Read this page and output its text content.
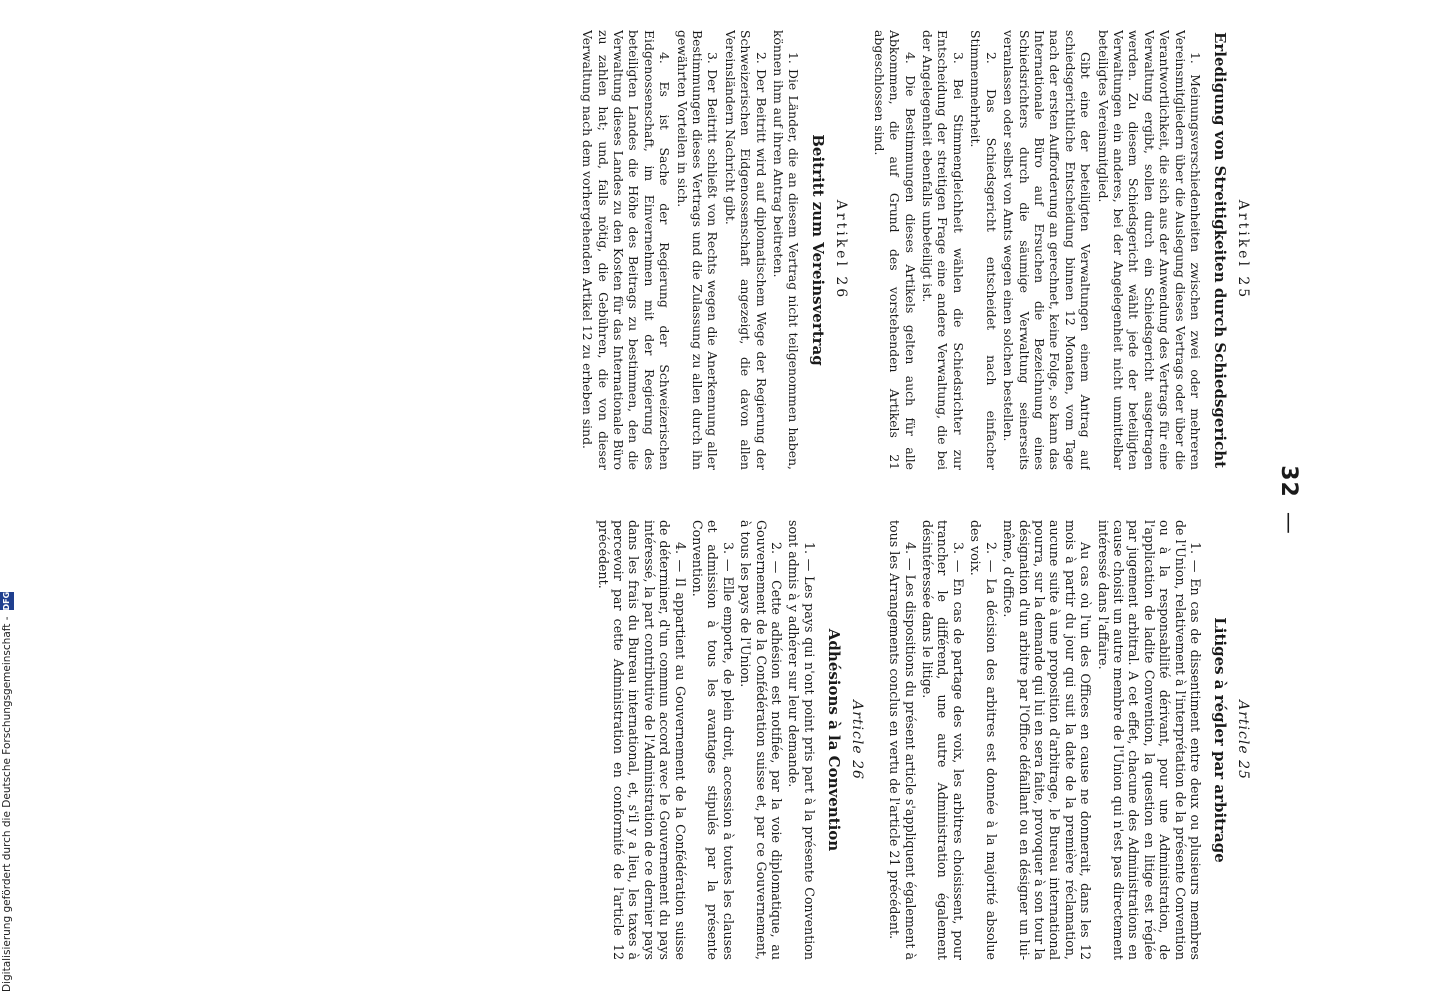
32—
Artikel 25
Erledigung von Streitigkeiten durch Schiedsgericht

1. Meinungsverschiedenheiten zwischen zwei oder mehreren Vereinsmitgliedern über die Auslegung dieses Vertrags oder über die Verantwortlichkeit, die sich aus der Anwendung des Vertrags für eine Verwaltung ergibt, sollen durch ein Schiedsgericht ausgetragen werden. Zu diesem Schiedsgericht wählt jede der beteiligten Verwaltungen ein anderes, bei der Angelegenheit nicht unmittelbar beteiligtes Vereinsmitglied.

Gibt eine der beteiligten Verwaltungen einem Antrag auf schiedsgerichtliche Entscheidung binnen 12 Monaten, vom Tage nach der ersten Aufforderung an gerechnet, keine Folge, so kann das Internationale Büro auf Ersuchen die Bezeichnung eines Schiedsrichters durch die säumige Verwaltung seinerseits veranlassen oder selbst von Amts wegen einen solchen bestellen.

2. Das Schiedsgericht entscheidet nach einfacher Stimmenmehrheit.

3. Bei Stimmengleichheit wählen die Schiedsrichter zur Entscheidung der streitigen Frage eine andere Verwaltung, die bei der Angelegenheit ebenfalls unbeteiligt ist.

4. Die Bestimmungen dieses Artikels gelten auch für alle Abkommen, die auf Grund des vorstehenden Artikels 21 abgeschlossen sind.

Artikel 26
Beitritt zum Vereinsvertrag

1. Die Länder, die an diesem Vertrag nicht teilgenommen haben, können ihm auf ihren Antrag beitreten.

2. Der Beitritt wird auf diplomatischem Wege der Regierung der Schweizerischen Eidgenossenschaft angezeigt, die davon allen Vereinsländern Nachricht gibt.

3. Der Beitritt schließt von Rechts wegen die Anerkennung aller Bestimmungen dieses Vertrags und die Zulassung zu allen durch ihn gewährten Vorteilen in sich.

4. Es ist Sache der Regierung der Schweizerischen Eidgenossenschaft, im Einvernehmen mit der Regierung des beteiligten Landes die Höhe des Beitrags zu bestimmen, den die Verwaltung dieses Landes zu den Kosten für das Internationale Büro zu zahlen hat; und, falls nötig, die Gebühren, die von dieser Verwaltung nach dem vorhergehenden Artikel 12 zu erheben sind.

Article 25
Litiges à régler par arbitrage

1. — En cas de dissentiment entre deux ou plusieurs membres de l'Union, relativement à l'interprétation de la présente Convention ou à la responsabilité dérivant, pour une Administration, de l'application de ladite Convention, la question en litige est réglée par jugement arbitral. A cet effet, chacune des Administrations en cause choisit un autre membre de l'Union qui n'est pas directement intéressé dans l'affaire.

Au cas où l'un des Offices en cause ne donnerait, dans les 12 mois à partir du jour qui suit la date de la première réclamation, aucune suite à une proposition d'arbitrage, le Bureau international pourra, sur la demande qui lui en sera faite, provoquer à son tour la désignation d'un arbitre par l'Office défaillant ou en désigner un lui-même, d'office.

2. — La décision des arbitres est donnée à la majorité absolue des voix.

3. — En cas de partage des voix, les arbitres choisissent, pour trancher le différend, une autre Administration également désintéressée dans le litige.

4. — Les dispositions du présent article s'appliquent également à tous les Arrangements conclus en vertu de l'article 21 précédent.

Article 26
Adhésions à la Convention

1. — Les pays qui n'ont point pris part à la présente Convention sont admis à y adhérer sur leur demande.

2. — Cette adhésion est notifiée, par la voie diplomatique, au Gouvernement de la Confédération suisse et, par ce Gouvernement, à tous les pays de l'Union.

3. — Elle emporte, de plein droit, accession à toutes les clauses et admission à tous les avantages stipulés par la présente Convention.

4. — Il appartient au Gouvernement de la Confédération suisse de déterminer, d'un commun accord avec le Gouvernement du pays intéressé, la part contributive de l'Administration de ce dernier pays dans les frais du Bureau international, et, s'il y a lieu, les taxes à percevoir par cette Administration en conformité de l'article 12 précédent.

Digitalisierung gefördert durch die Deutsche Forschungsgemeinschaft -DFG
